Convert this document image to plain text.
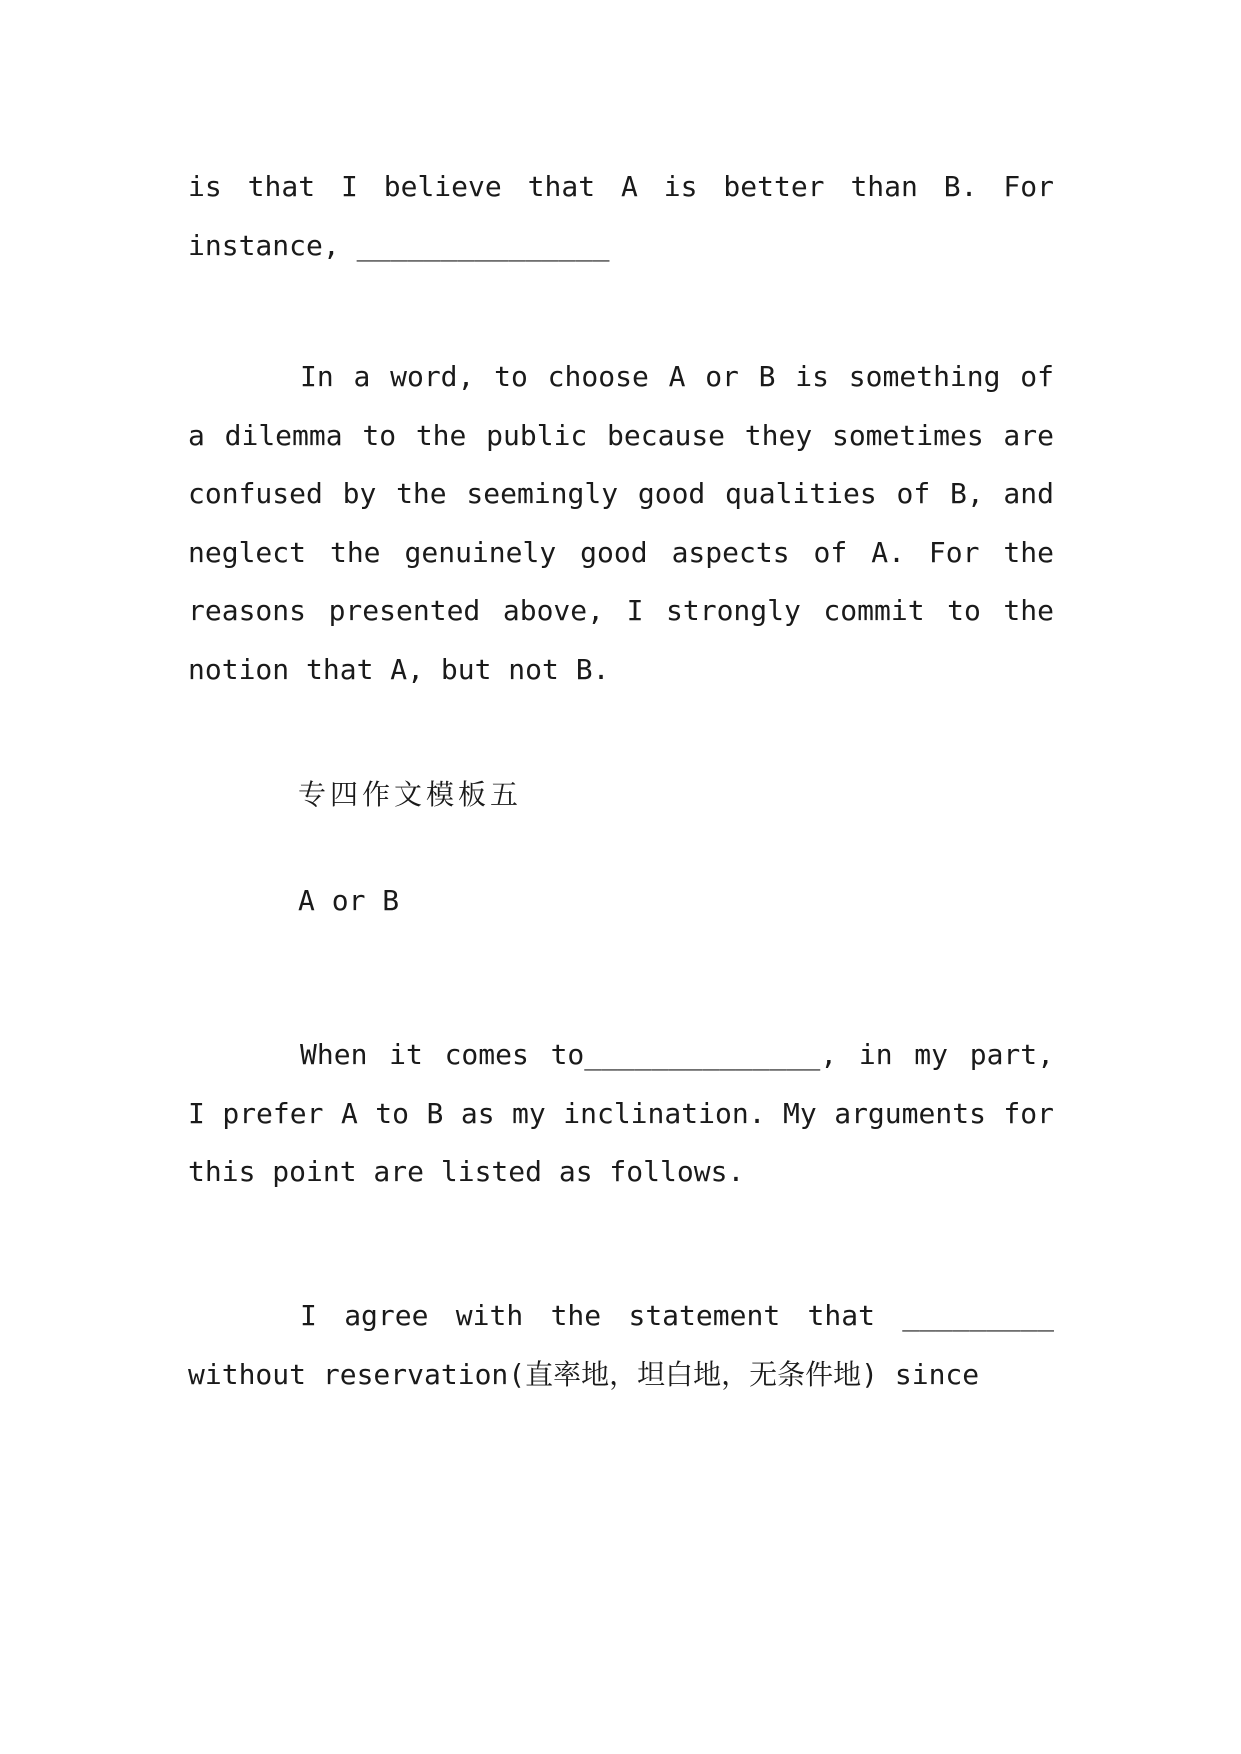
is that I believe that A is better than B. For instance, _______________

In a word, to choose A or B is something of a dilemma to the public because they sometimes are confused by the seemingly good qualities of B, and neglect the genuinely good aspects of A. For the reasons presented above, I strongly commit to the notion that A, but not B.

专四作文模板五

A or B

When it comes to______________, in my part, I prefer A to B as my inclination. My arguments for this point are listed as follows.

I agree with the statement that _________ without reservation(直率地，坦白地，无条件地) since
